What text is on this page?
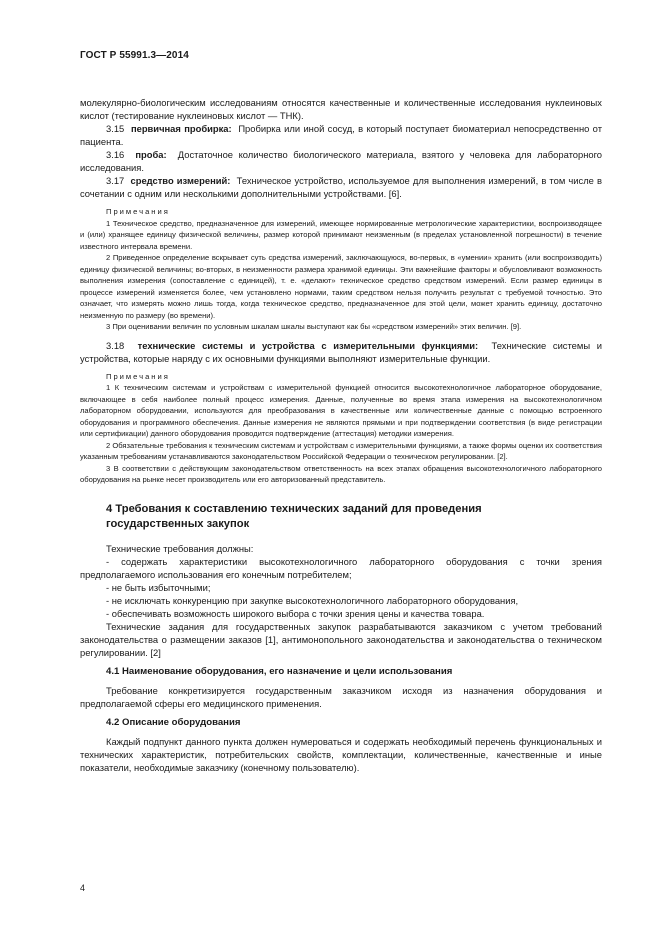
ГОСТ Р 55991.3—2014

молекулярно-биологическим исследованиям относятся качественные и количественные исследования нуклеиновых кислот (тестирование нуклеиновых кислот — ТНК).

3.15 первичная пробирка: Пробирка или иной сосуд, в который поступает биоматериал непосредственно от пациента.

3.16 проба: Достаточное количество биологического материала, взятого у человека для лабораторного исследования.

3.17 средство измерений: Техническое устройство, используемое для выполнения измерений, в том числе в сочетании с одним или несколькими дополнительными устройствами. [6].

Примечания

1 Техническое средство, предназначенное для измерений, имеющее нормированные метрологические характеристики, воспроизводящее и (или) хранящее единицу физической величины, размер которой принимают неизменным (в пределах установленной погрешности) в течение известного интервала времени.

2 Приведенное определение вскрывает суть средства измерений, заключающуюся, во-первых, в «умении» хранить (или воспроизводить) единицу физической величины; во-вторых, в неизменности размера хранимой единицы. Эти важнейшие факторы и обусловливают возможность выполнения измерения (сопоставление с единицей), т. е. «делают» техническое средство средством измерений. Если размер единицы в процессе измерений изменяется более, чем установлено нормами, таким средством нельзя получить результат с требуемой точностью. Это означает, что измерять можно лишь тогда, когда техническое средство, предназначенное для этой цели, может хранить единицу, достаточно неизменную по размеру (во времени).

3 При оценивании величин по условным шкалам шкалы выступают как бы «средством измерений» этих величин. [9].

3.18 технические системы и устройства с измерительными функциями: Технические системы и устройства, которые наряду с их основными функциями выполняют измерительные функции.

Примечания

1 К техническим системам и устройствам с измерительной функцией относится высокотехнологичное лабораторное оборудование, включающее в себя наиболее полный процесс измерения. Данные, полученные во время этапа измерения на высокотехнологичном лабораторном оборудовании, используются для преобразования в качественные или количественные данные с помощью встроенного оборудования и программного обеспечения. Данные измерения не являются прямыми и при подтверждении соответствия (в виде регистрации или сертификации) данного оборудования проводится подтверждение (аттестация) методики измерения.

2 Обязательные требования к техническим системам и устройствам с измерительными функциями, а также формы оценки их соответствия указанным требованиям устанавливаются законодательством Российской Федерации о техническом регулировании. [2].

3 В соответствии с действующим законодательством ответственность на всех этапах обращения высокотехнологичного лабораторного оборудования на рынке несет производитель или его авторизованный представитель.

4 Требования к составлению технических заданий для проведения
государственных закупок

Технические требования должны:

- содержать характеристики высокотехнологичного лабораторного оборудования с точки зрения предполагаемого использования его конечным потребителем;

- не быть избыточными;

- не исключать конкуренцию при закупке высокотехнологичного лабораторного оборудования,

- обеспечивать возможность широкого выбора с точки зрения цены и качества товара.

Технические задания для государственных закупок разрабатываются заказчиком с учетом требований законодательства о размещении заказов [1], антимонопольного законодательства и законодательства о техническом регулировании. [2]

4.1 Наименование оборудования, его назначение и цели использования

Требование конкретизируется государственным заказчиком исходя из назначения оборудования и предполагаемой сферы его медицинского применения.

4.2 Описание оборудования

Каждый подпункт данного пункта должен нумероваться и содержать необходимый перечень функциональных и технических характеристик, потребительских свойств, комплектации, количественные, качественные и иные показатели, необходимые заказчику (конечному пользователю).

4
